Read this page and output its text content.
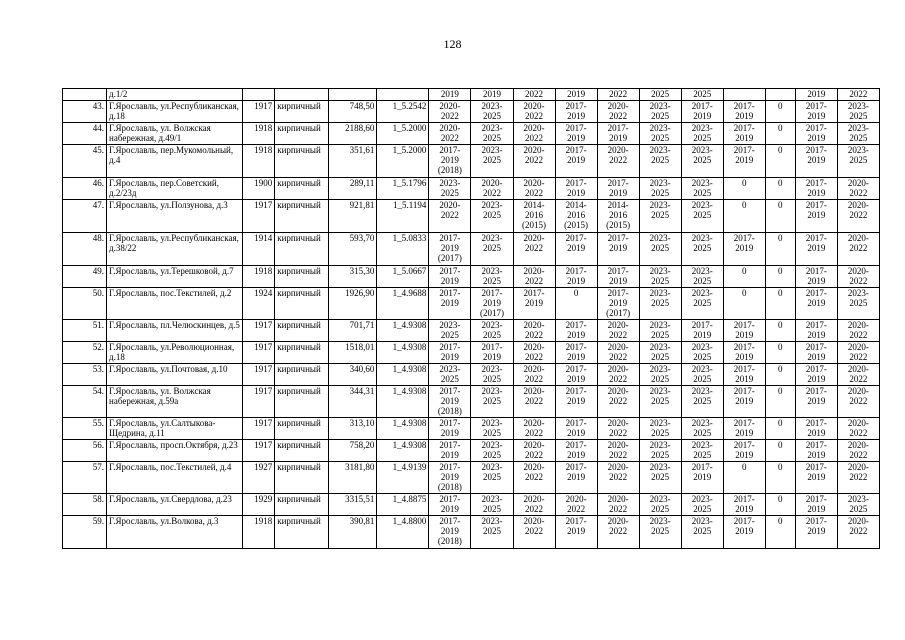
128
	д.1/2					2019	2019	2022	2019	2022	2025	2025			2019	2022
43.	Г.Ярославль, ул.Республиканская, д.18	1917	кирпичный	748,50	1_5.2542	2020-
2022	2023-
2025	2020-
2022	2017-
2019	2020-
2022	2023-
2025	2017-
2019	2017-
2019	0	2017-
2019	2023-
2025
44.	Г.Ярославль, ул. Волжская набережная, д.49/1	1918	кирпичный	2188,60	1_5.2000	2020-
2022	2023-
2025	2020-
2022	2017-
2019	2017-
2019	2023-
2025	2023-
2025	2017-
2019	0	2017-
2019	2023-
2025
45.	Г.Ярославль, пер.Мукомольный, д.4	1918	кирпичный	351,61	1_5.2000	2017-
2019
(2018)	2023-
2025	2020-
2022	2017-
2019	2020-
2022	2023-
2025	2023-
2025	2017-
2019	0	2017-
2019	2023-
2025
46.	Г.Ярославль, пер.Советский, д.2/23д	1900	кирпичный	289,11	1_5.1796	2023-
2025	2020-
2022	2020-
2022	2017-
2019	2017-
2019	2023-
2025	2023-
2025	0	0	2017-
2019	2020-
2022
47.	Г.Ярославль, ул.Ползунова, д.3	1917	кирпичный	921,81	1_5.1194	2020-
2022	2023-
2025	2014-
2016
(2015)	2014-
2016
(2015)	2014-
2016
(2015)	2023-
2025	2023-
2025	0	0	2017-
2019	2020-
2022
48.	Г.Ярославль, ул.Республиканская, д.38/22	1914	кирпичный	593,70	1_5.0833	2017-
2019
(2017)	2023-
2025	2020-
2022	2017-
2019	2017-
2019	2023-
2025	2023-
2025	2017-
2019	0	2017-
2019	2020-
2022
49.	Г.Ярославль, ул.Терешковой, д.7	1918	кирпичный	315,30	1_5.0667	2017-
2019	2023-
2025	2020-
2022	2017-
2019	2017-
2019	2023-
2025	2023-
2025	0	0	2017-
2019	2020-
2022
50.	Г.Ярославль, пос.Текстилей, д.2	1924	кирпичный	1926,90	1_4.9688	2017-
2019	2017-
2019
(2017)	2017-
2019	0	2017-
2019
(2017)	2023-
2025	2023-
2025	0	0	2017-
2019	2023-
2025
51.	Г.Ярославль, пл.Челюскинцев, д.5	1917	кирпичный	701,71	1_4.9308	2023-
2025	2023-
2025	2020-
2022	2017-
2019	2020-
2022	2023-
2025	2017-
2019	2017-
2019	0	2017-
2019	2020-
2022
52.	Г.Ярославль, ул.Революционная, д.18	1917	кирпичный	1518,01	1_4.9308	2017-
2019	2017-
2019	2020-
2022	2017-
2019	2020-
2022	2023-
2025	2023-
2025	2017-
2019	0	2017-
2019	2020-
2022
53.	Г.Ярославль, ул.Почтовая, д.10	1917	кирпичный	340,60	1_4.9308	2023-
2025	2023-
2025	2020-
2022	2017-
2019	2020-
2022	2023-
2025	2023-
2025	2017-
2019	0	2017-
2019	2020-
2022
54.	Г.Ярославль, ул. Волжская набережная, д.59а	1917	кирпичный	344,31	1_4.9308	2017-
2019
(2018)	2023-
2025	2020-
2022	2017-
2019	2020-
2022	2023-
2025	2023-
2025	2017-
2019	0	2017-
2019	2020-
2022
55.	Г.Ярославль, ул.Салтыкова-Щедрина, д.11	1917	кирпичный	313,10	1_4.9308	2017-
2019	2023-
2025	2020-
2022	2017-
2019	2020-
2022	2023-
2025	2023-
2025	2017-
2019	0	2017-
2019	2020-
2022
56.	Г.Ярославль, просп.Октября, д.23	1917	кирпичный	758,20	1_4.9308	2017-
2019	2023-
2025	2020-
2022	2017-
2019	2020-
2022	2023-
2025	2023-
2025	2017-
2019	0	2017-
2019	2020-
2022
57.	Г.Ярославль, пос.Текстилей, д.4	1927	кирпичный	3181,80	1_4.9139	2017-
2019
(2018)	2023-
2025	2020-
2022	2017-
2019	2020-
2022	2023-
2025	2017-
2019	0	0	2017-
2019	2020-
2022
58.	Г.Ярославль, ул.Свердлова, д.23	1929	кирпичный	3315,51	1_4.8875	2017-
2019	2023-
2025	2020-
2022	2020-
2022	2020-
2022	2023-
2025	2023-
2025	2017-
2019	0	2017-
2019	2023-
2025
59.	Г.Ярославль, ул.Волкова, д.3	1918	кирпичный	390,81	1_4.8800	2017-
2019
(2018)	2023-
2025	2020-
2022	2017-
2019	2020-
2022	2023-
2025	2023-
2025	2017-
2019	0	2017-
2019	2020-
2022
